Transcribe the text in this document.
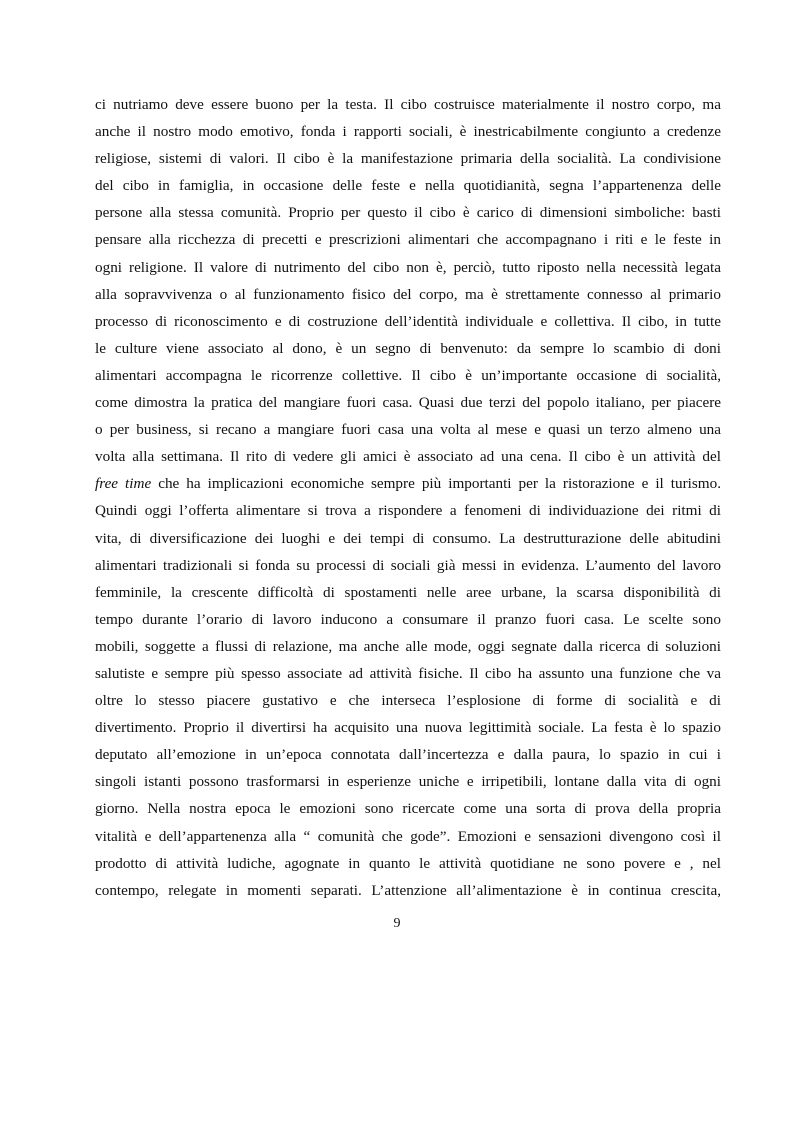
ci nutriamo deve essere buono per la testa. Il cibo costruisce materialmente il nostro corpo, ma
anche il nostro modo emotivo, fonda i rapporti sociali, è inestricabilmente congiunto a credenze
religiose, sistemi di valori. Il cibo è la manifestazione primaria della socialità. La condivisione
del cibo in famiglia, in occasione delle feste e nella quotidianità, segna l’appartenenza delle
persone alla stessa comunità. Proprio per questo il cibo è carico di dimensioni simboliche: basti
pensare alla ricchezza di precetti e prescrizioni alimentari che accompagnano i riti e le feste in
ogni religione. Il valore di nutrimento del cibo non è, perciò, tutto riposto nella necessità legata
alla sopravvivenza o al funzionamento fisico del corpo, ma è strettamente connesso al primario
processo di riconoscimento e di costruzione dell’identità individuale e collettiva. Il cibo, in tutte
le culture viene associato al dono, è un segno di benvenuto: da sempre lo scambio di doni
alimentari accompagna le ricorrenze collettive. Il cibo è un’importante occasione di socialità,
come dimostra la pratica del mangiare fuori casa. Quasi due terzi del popolo italiano, per piacere
o per business, si recano a mangiare fuori casa una volta al mese e quasi un terzo almeno una
volta alla settimana. Il rito di vedere gli amici è associato ad una cena. Il cibo è un attività del
free time che ha implicazioni economiche sempre più importanti per la ristorazione e il turismo.
Quindi oggi l’offerta alimentare si trova a rispondere a fenomeni di individuazione dei ritmi di
vita, di diversificazione dei luoghi e dei tempi di consumo. La destrutturazione delle abitudini
alimentari tradizionali si fonda su processi di sociali già messi in evidenza. L’aumento del lavoro
femminile, la crescente difficoltà di spostamenti nelle aree urbane, la scarsa disponibilità di
tempo durante l’orario di lavoro inducono a consumare il pranzo fuori casa. Le scelte sono
mobili, soggette a flussi di relazione, ma anche alle mode, oggi segnate dalla ricerca di soluzioni
salutiste e sempre più spesso associate ad attività fisiche. Il cibo ha assunto una funzione che va
oltre lo stesso piacere gustativo e che interseca l’esplosione di forme di socialità e di
divertimento. Proprio il divertirsi ha acquisito una nuova legittimità sociale. La festa è lo spazio
deputato all’emozione in un’epoca connotata dall’incertezza e dalla paura, lo spazio in cui i
singoli istanti possono trasformarsi in esperienze uniche e irripetibili, lontane dalla vita di ogni
giorno. Nella nostra epoca le emozioni sono ricercate come una sorta di prova della propria
vitalità e dell’appartenenza alla “ comunità che gode”. Emozioni e sensazioni divengono così il
prodotto di attività ludiche, agognate in quanto le attività quotidiane ne sono povere e , nel
contempo, relegate in momenti separati. L’attenzione all’alimentazione è in continua crescita,
9
